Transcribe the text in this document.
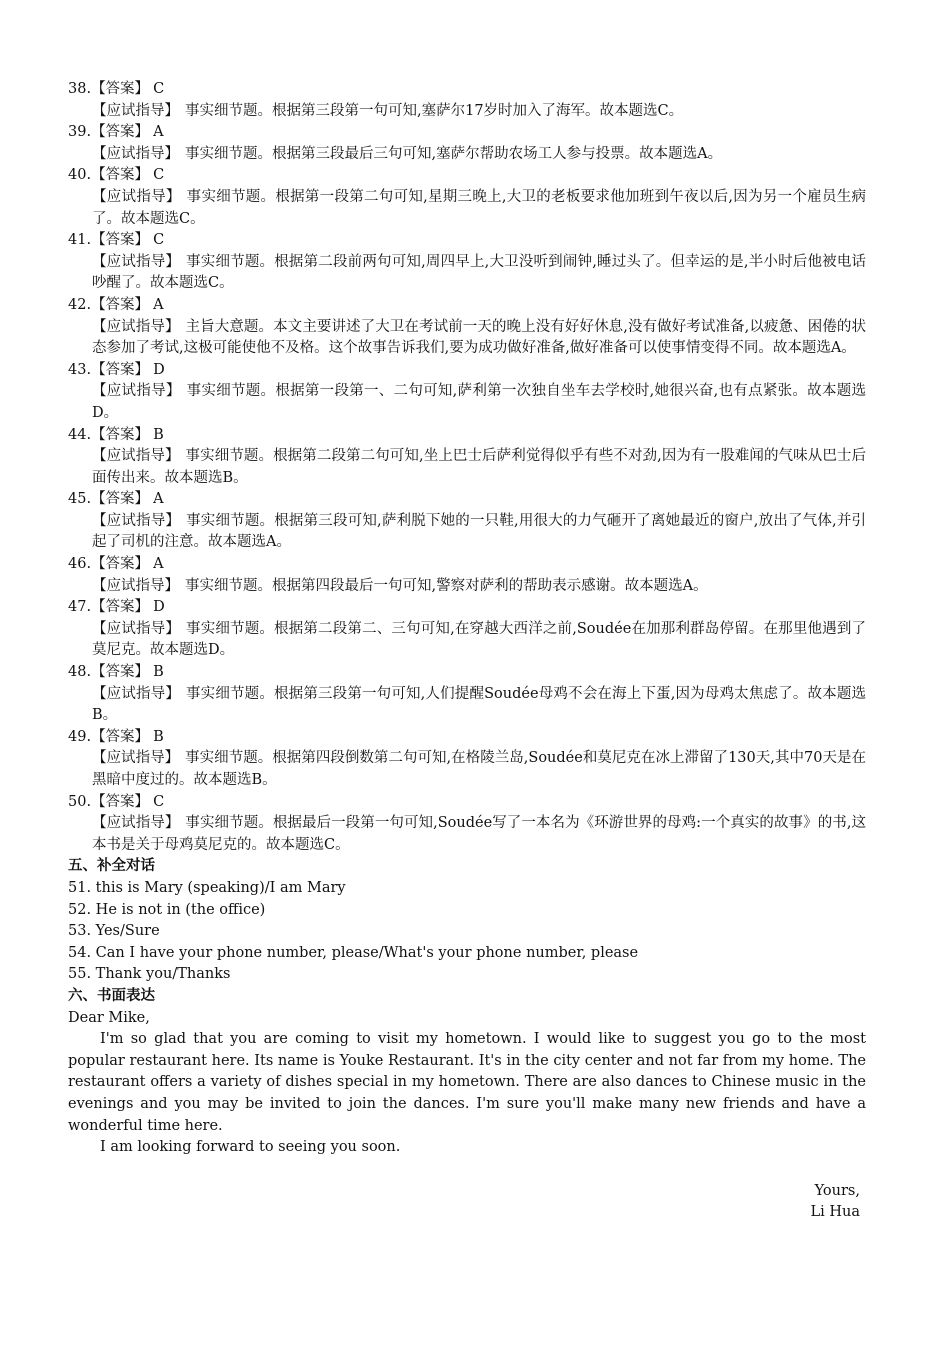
38.【答案】 C
【应试指导】 事实细节题。根据第三段第一句可知,塞萨尔17岁时加入了海军。故本题选C。
39.【答案】 A
【应试指导】 事实细节题。根据第三段最后三句可知,塞萨尔帮助农场工人参与投票。故本题选A。
40.【答案】 C
【应试指导】 事实细节题。根据第一段第二句可知,星期三晚上,大卫的老板要求他加班到午夜以后,因为另一个雇员生病了。故本题选C。
41.【答案】 C
【应试指导】 事实细节题。根据第二段前两句可知,周四早上,大卫没听到闹钟,睡过头了。但幸运的是,半小时后他被电话吵醒了。故本题选C。
42.【答案】 A
【应试指导】 主旨大意题。本文主要讲述了大卫在考试前一天的晚上没有好好休息,没有做好考试准备,以疲惫、困倦的状态参加了考试,这极可能使他不及格。这个故事告诉我们,要为成功做好准备,做好准备可以使事情变得不同。故本题选A。
43.【答案】 D
【应试指导】 事实细节题。根据第一段第一、二句可知,萨利第一次独自坐车去学校时,她很兴奋,也有点紧张。故本题选D。
44.【答案】 B
【应试指导】 事实细节题。根据第二段第二句可知,坐上巴士后萨利觉得似乎有些不对劲,因为有一股难闻的气味从巴士后面传出来。故本题选B。
45.【答案】 A
【应试指导】 事实细节题。根据第三段可知,萨利脱下她的一只鞋,用很大的力气砸开了离她最近的窗户,放出了气体,并引起了司机的注意。故本题选A。
46.【答案】 A
【应试指导】 事实细节题。根据第四段最后一句可知,警察对萨利的帮助表示感谢。故本题选A。
47.【答案】 D
【应试指导】 事实细节题。根据第二段第二、三句可知,在穿越大西洋之前,Soudée在加那利群岛停留。在那里他遇到了莫尼克。故本题选D。
48.【答案】 B
【应试指导】 事实细节题。根据第三段第一句可知,人们提醒Soudée母鸡不会在海上下蛋,因为母鸡太焦虑了。故本题选B。
49.【答案】 B
【应试指导】 事实细节题。根据第四段倒数第二句可知,在格陵兰岛,Soudée和莫尼克在冰上滞留了130天,其中70天是在黑暗中度过的。故本题选B。
50.【答案】 C
【应试指导】 事实细节题。根据最后一段第一句可知,Soudée写了一本名为《环游世界的母鸡:一个真实的故事》的书,这本书是关于母鸡莫尼克的。故本题选C。
五、补全对话
51. this is Mary (speaking)/I am Mary
52. He is not in (the office)
53. Yes/Sure
54. Can I have your phone number, please/What's your phone number, please
55. Thank you/Thanks
六、书面表达
Dear Mike,
I'm so glad that you are coming to visit my hometown. I would like to suggest you go to the most popular restaurant here. Its name is Youke Restaurant. It's in the city center and not far from my home. The restaurant offers a variety of dishes special in my hometown. There are also dances to Chinese music in the evenings and you may be invited to join the dances. I'm sure you'll make many new friends and have a wonderful time here.
I am looking forward to seeing you soon.
Yours,
Li Hua
